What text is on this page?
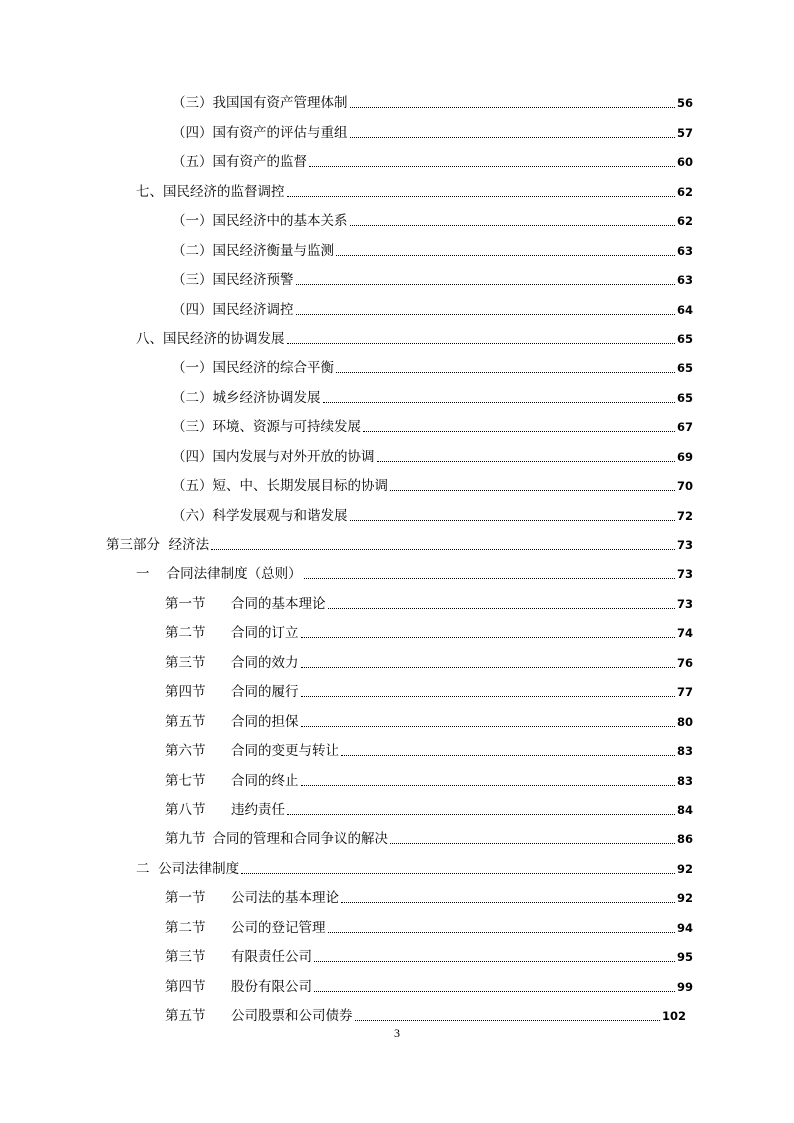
（三）我国国有资产管理体制	56
（四）国有资产的评估与重组	57
（五）国有资产的监督	60
七、国民经济的监督调控	62
（一）国民经济中的基本关系	62
（二）国民经济衡量与监测	63
（三）国民经济预警	63
（四）国民经济调控	64
八、国民经济的协调发展	65
（一）国民经济的综合平衡	65
（二）城乡经济协调发展	65
（三）环境、资源与可持续发展	67
（四）国内发展与对外开放的协调	69
（五）短、中、长期发展目标的协调	70
（六）科学发展观与和谐发展	72
第三部分  经济法	73
一    合同法律制度（总则）	73
第一节 合同的基本理论	73
第二节 合同的订立	74
第三节 合同的效力	76
第四节 合同的履行	77
第五节 合同的担保	80
第六节 合同的变更与转让	83
第七节 合同的终止	83
第八节 违约责任	84
第九节 合同的管理和合同争议的解决	86
二  公司法律制度	92
第一节 公司法的基本理论	92
第二节 公司的登记管理	94
第三节 有限责任公司	95
第四节 股份有限公司	99
第五节 公司股票和公司债券	102
3
